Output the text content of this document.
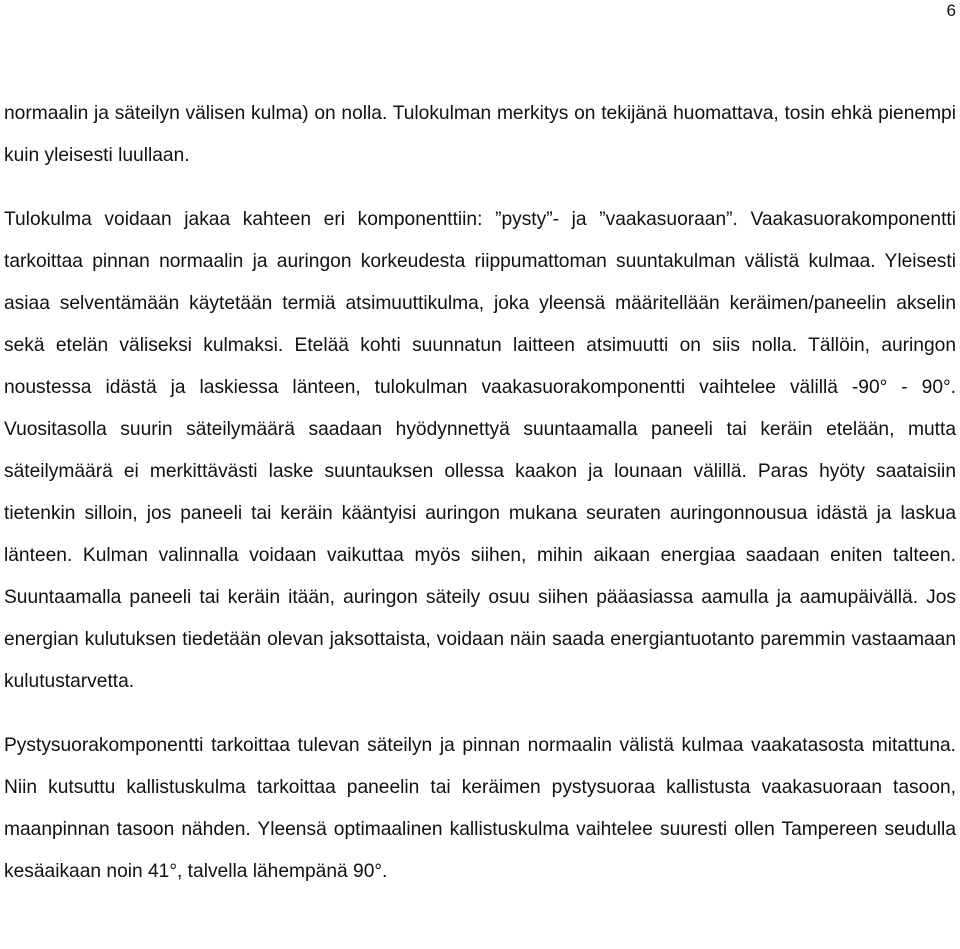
6

normaalin ja säteilyn välisen kulma) on nolla. Tulokulman merkitys on tekijänä huomattava, tosin ehkä pienempi kuin yleisesti luullaan.

Tulokulma voidaan jakaa kahteen eri komponenttiin: ”pysty”- ja ”vaakasuoraan”. Vaakasuorakomponentti tarkoittaa pinnan normaalin ja auringon korkeudesta riippumattoman suuntakulman välistä kulmaa. Yleisesti asiaa selventämään käytetään termiä atsimuuttikulma, joka yleensä määritellään keräimen/paneelin akselin sekä etelän väliseksi kulmaksi. Etelää kohti suunnatun laitteen atsimuutti on siis nolla. Tällöin, auringon noustessa idästä ja laskiessa länteen, tulokulman vaakasuorakomponentti vaihtelee välillä -90° - 90°. Vuositasolla suurin säteilymäärä saadaan hyödynnettyä suuntaamalla paneeli tai keräin etelään, mutta säteilymäärä ei merkittävästi laske suuntauksen ollessa kaakon ja lounaan välillä. Paras hyöty saataisiin tietenkin silloin, jos paneeli tai keräin kääntyisi auringon mukana seuraten auringonnousua idästä ja laskua länteen. Kulman valinnalla voidaan vaikuttaa myös siihen, mihin aikaan energiaa saadaan eniten talteen. Suuntaamalla paneeli tai keräin itään, auringon säteily osuu siihen pääasiassa aamulla ja aamupäivällä. Jos energian kulutuksen tiedetään olevan jaksottaista, voidaan näin saada energiantuotanto paremmin vastaamaan kulutustarvetta.

Pystysuorakomponentti tarkoittaa tulevan säteilyn ja pinnan normaalin välistä kulmaa vaakatasosta mitattuna. Niin kutsuttu kallistuskulma tarkoittaa paneelin tai keräimen pystysuoraa kallistusta vaakasuoraan tasoon, maanpinnan tasoon nähden. Yleensä optimaalinen kallistuskulma vaihtelee suuresti ollen Tampereen seudulla kesäaikaan noin 41°, talvella lähempänä 90°.
